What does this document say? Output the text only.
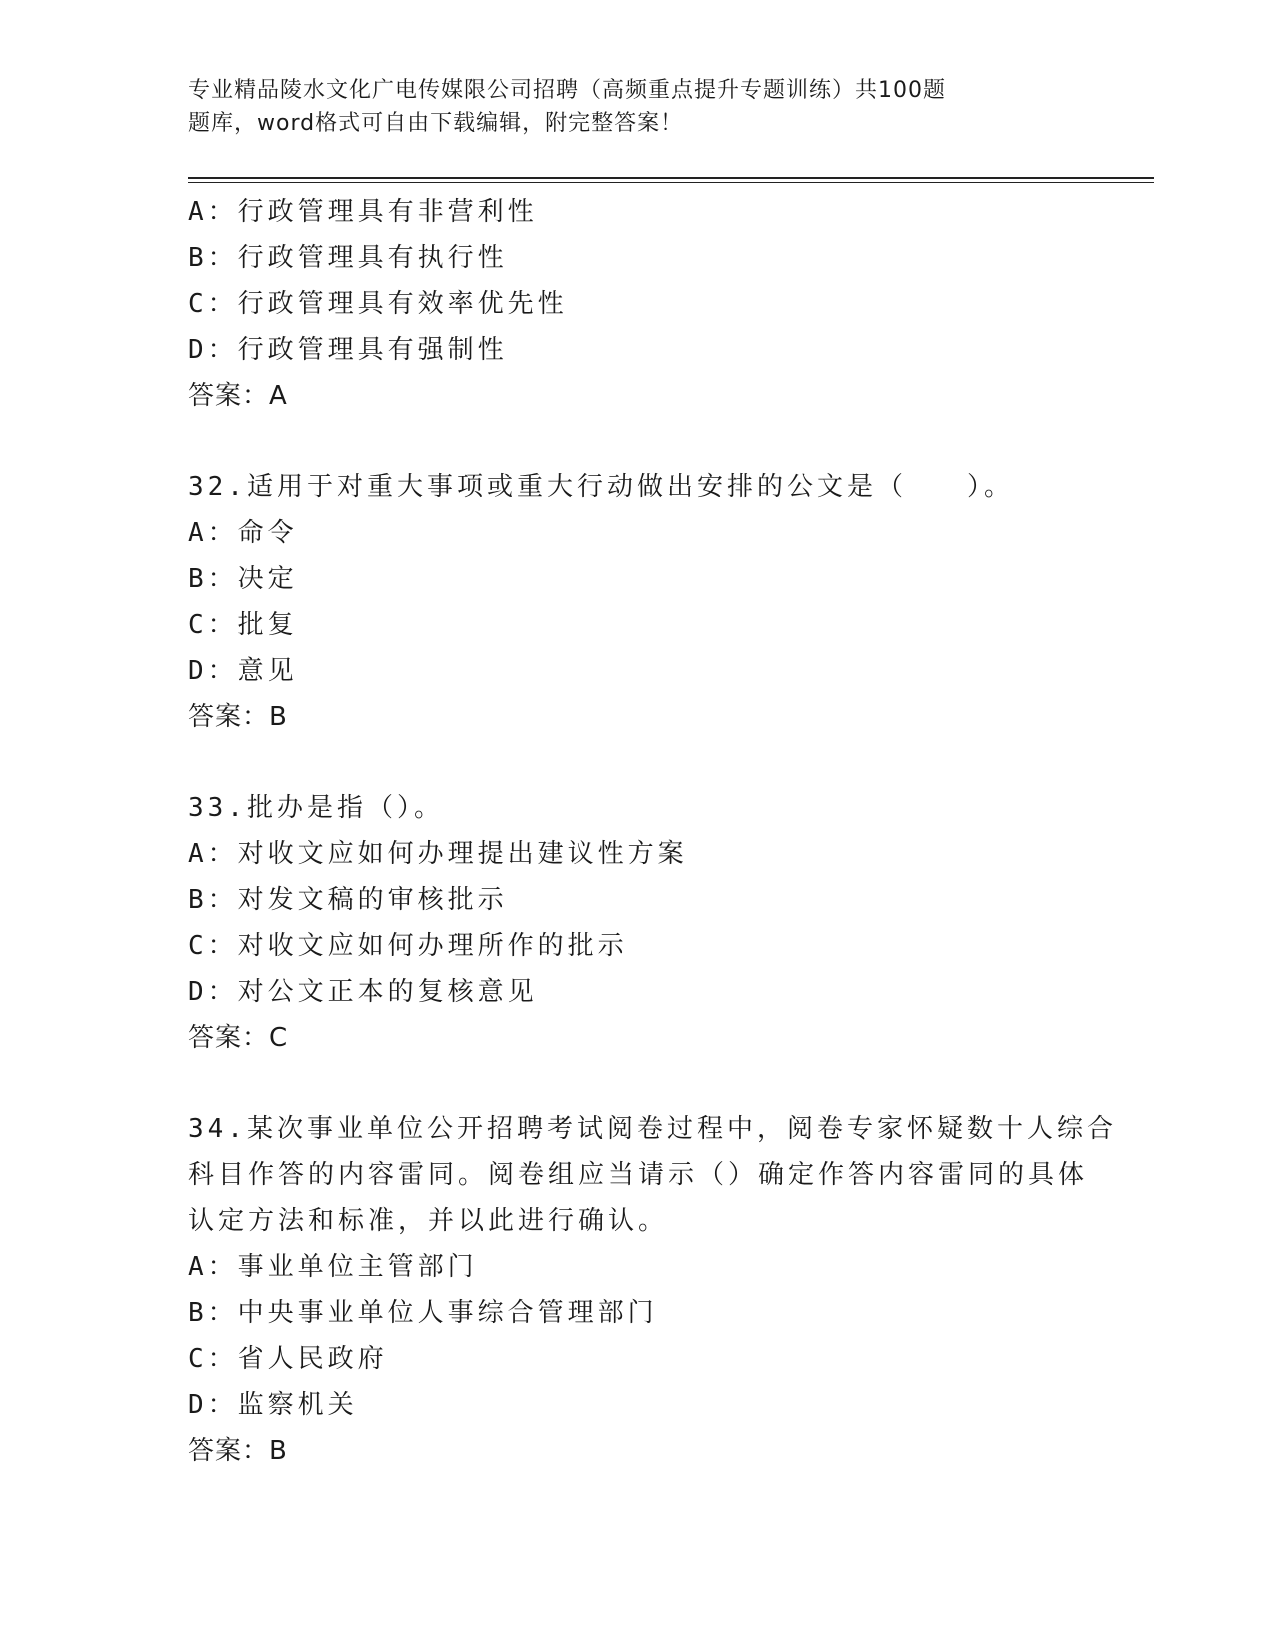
专业精品陵水文化广电传媒限公司招聘（高频重点提升专题训练）共100题
题库，word格式可自由下载编辑，附完整答案！
A：行政管理具有非营利性
B：行政管理具有执行性
C：行政管理具有效率优先性
D：行政管理具有强制性
答案：A
32.适用于对重大事项或重大行动做出安排的公文是（　　）。
A：命令
B：决定
C：批复
D：意见
答案：B
33.批办是指（）。
A：对收文应如何办理提出建议性方案
B：对发文稿的审核批示
C：对收文应如何办理所作的批示
D：对公文正本的复核意见
答案：C
34.某次事业单位公开招聘考试阅卷过程中，阅卷专家怀疑数十人综合
科目作答的内容雷同。阅卷组应当请示（）确定作答内容雷同的具体
认定方法和标准，并以此进行确认。
A：事业单位主管部门
B：中央事业单位人事综合管理部门
C：省人民政府
D：监察机关
答案：B
